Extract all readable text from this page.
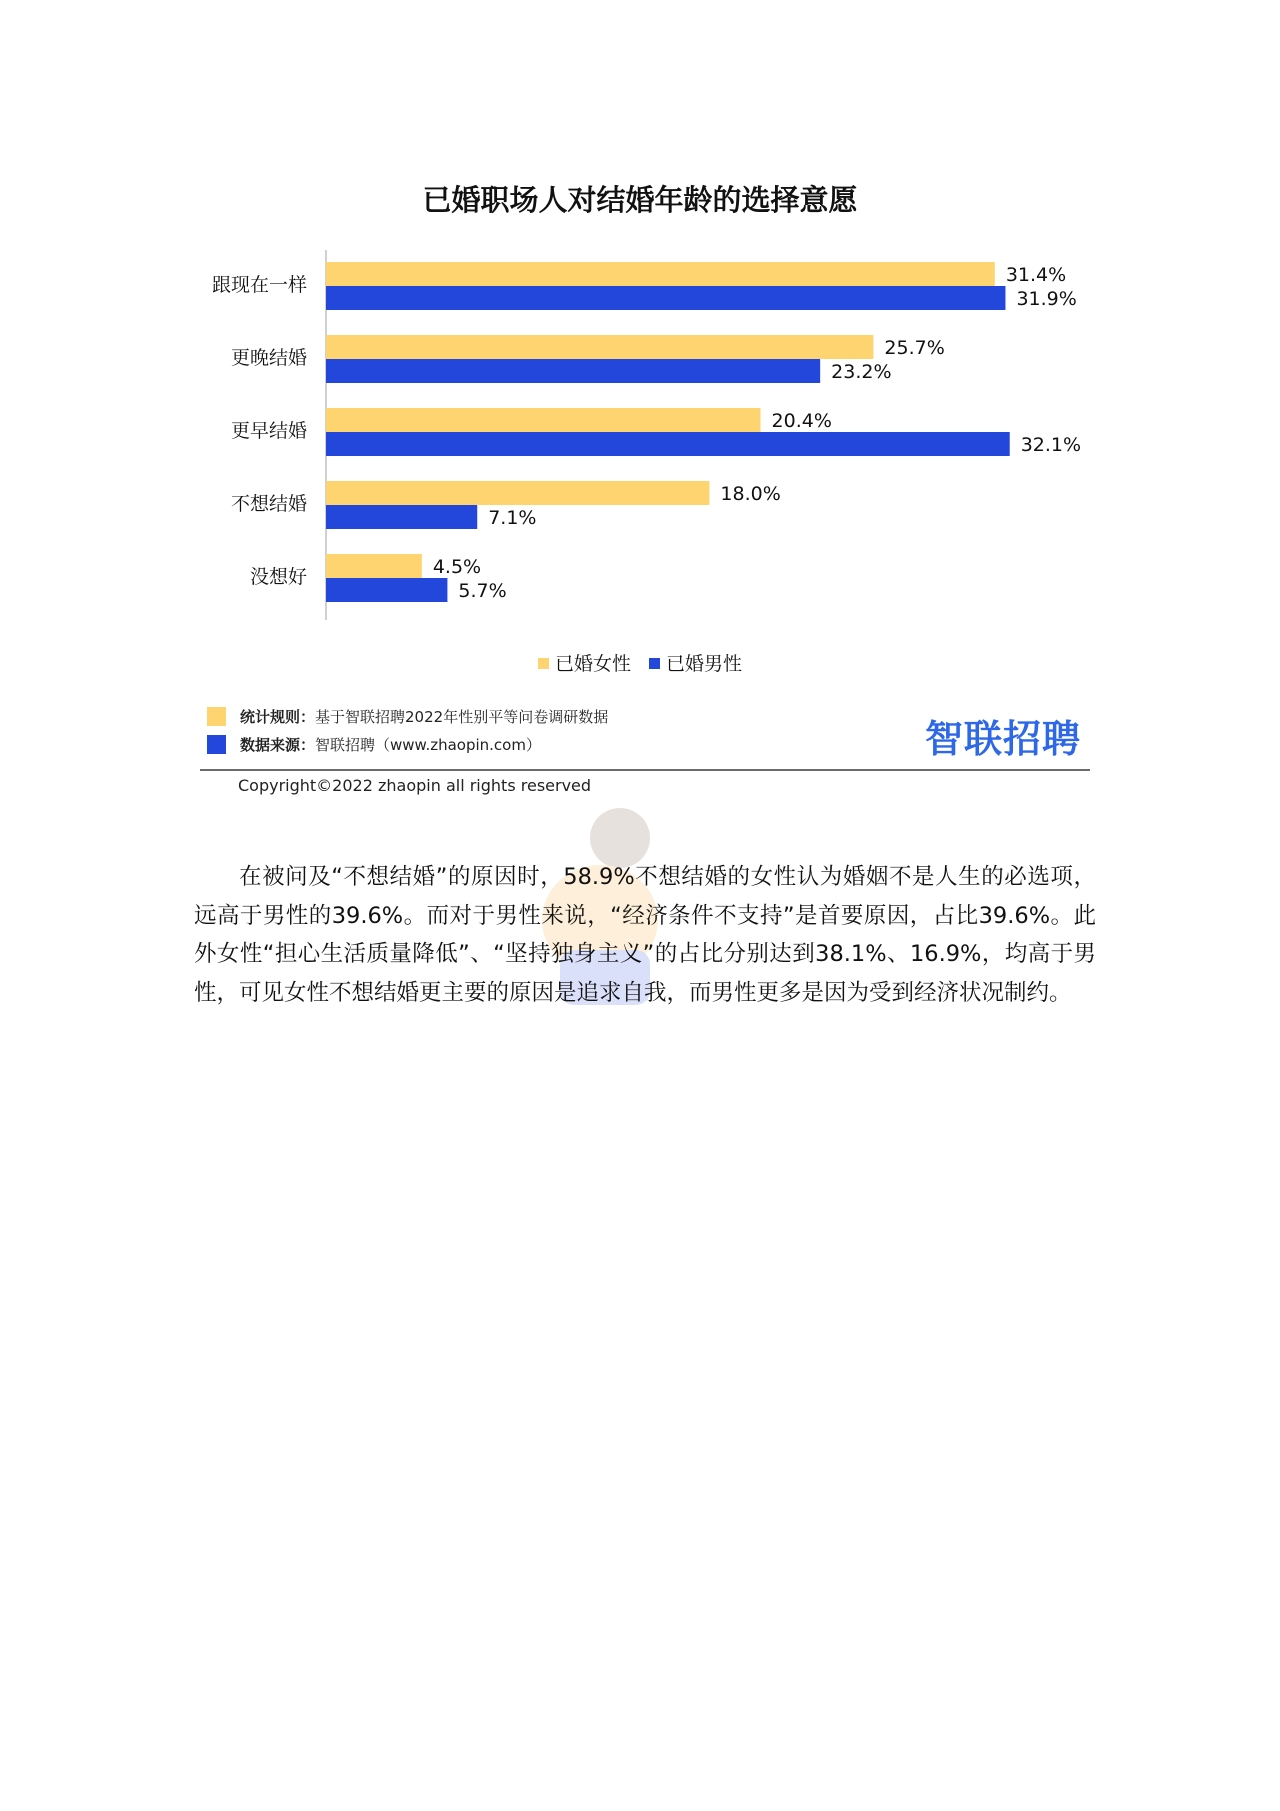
已婚职场人对结婚年龄的选择意愿
跟现在一样	31.4%
31.9%
更晚结婚	25.7%
23.2%
更早结婚	20.4%
32.1%
不想结婚	18.0%
7.1%
没想好	4.5%
5.7%
已婚女性 已婚男性
统计规则：基于智联招聘2022年性别平等问卷调研数据
数据来源：智联招聘（www.zhaopin.com）	智联招聘
Copyright©2022 zhaopin all rights reserved

在被问及“不想结婚”的原因时，58.9%不想结婚的女性认为婚姻不是人生的必选项，远高于男性的39.6%。而对于男性来说，“经济条件不支持”是首要原因，占比39.6%。此外女性“担心生活质量降低”、“坚持独身主义”的占比分别达到38.1%、16.9%，均高于男性，可见女性不想结婚更主要的原因是追求自我，而男性更多是因为受到经济状况制约。
